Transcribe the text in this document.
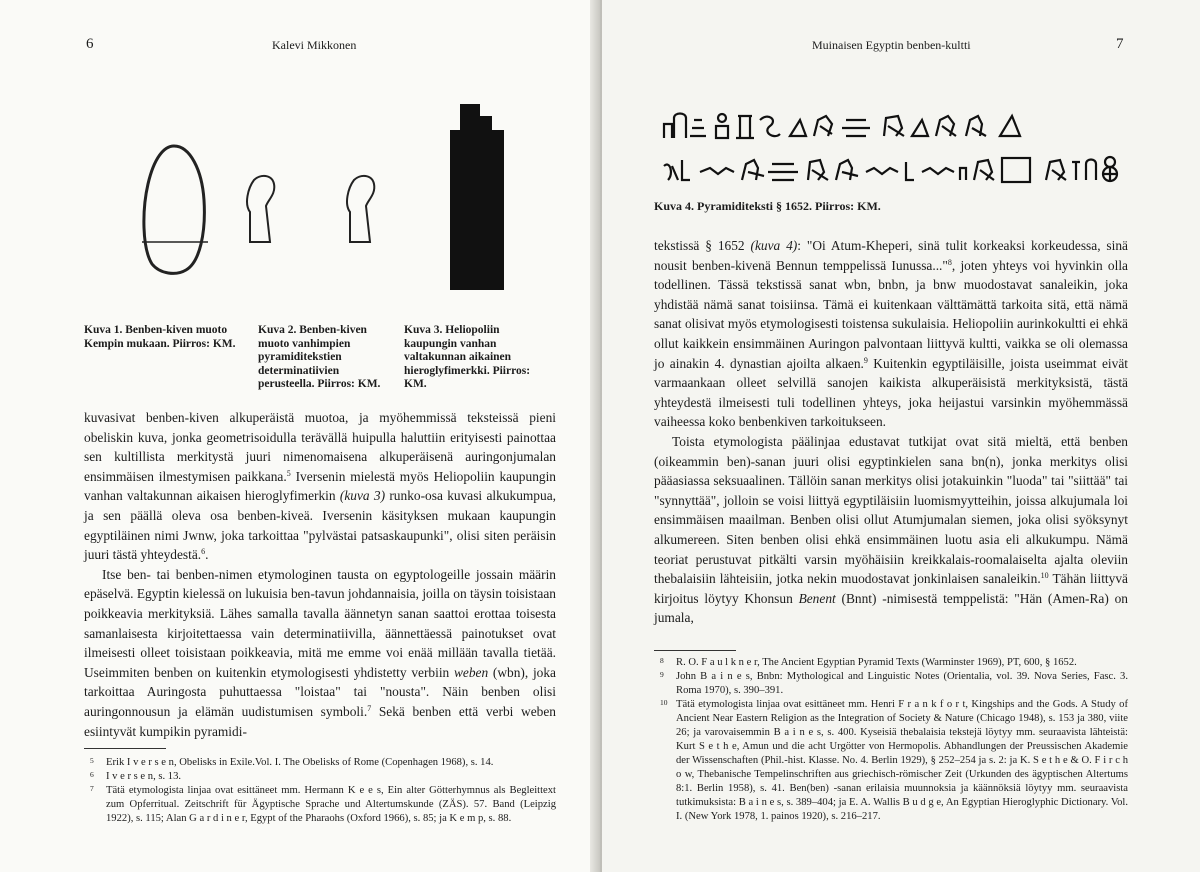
6	Kalevi Mikkonen
Kuva 1. Benben-kiven muoto Kempin mukaan. Piirros: KM.
Kuva 2. Benben-kiven muoto vanhimpien pyramiditekstien determinatiivien perusteella. Piirros: KM.
Kuva 3. Heliopoliin kaupungin vanhan valtakunnan aikainen hieroglyfimerkki. Piirros: KM.

kuvasivat benben-kiven alkuperäistä muotoa, ja myöhemmissä teksteissä pieni obeliskin kuva, jonka geometrisoidulla terävällä huipulla haluttiin erityisesti painottaa sen kultillista merkitystä juuri nimenomaisena alkuperäisenä auringonjumalan ensimmäisen ilmestymisen paikkana.$^5$ Iversenin mielestä myös Heliopoliin kaupungin vanhan valtakunnan aikaisen hieroglyfimerkin (kuva 3) runko-osa kuvasi alkukumpua, ja sen päällä oleva osa benben-kiveä. Iversenin käsityksen mukaan kaupungin egyptiläinen nimi Jwnw, joka tarkoittaa "pylvästai patsaskaupunki", olisi siten peräisin juuri tästä yhteydestä.$^6$.

Itse ben- tai benben-nimen etymologinen tausta on egyptologeille jossain määrin epäselvä. Egyptin kielessä on lukuisia ben-tavun johdannaisia, joilla on täysin toisistaan poikkeavia merkityksiä. Lähes samalla tavalla äännetyn sanan saattoi erottaa toisesta samanlaisesta kirjoitettaessa vain determinatiivilla, äännettäessä painotukset ovat ilmeisesti olleet toisistaan poikkeavia, mitä me emme voi enää millään tavalla tietää. Useimmiten benben on kuitenkin etymologisesti yhdistetty verbiin weben (wbn), joka tarkoittaa Auringosta puhuttaessa "loistaa" tai "nousta". Näin benben olisi auringonnousun ja elämän uudistumisen symboli.$^7$ Sekä benben että verbi weben esiintyvät kumpikin pyramidi-

5 Erik I v e r s e n, Obelisks in Exile.Vol. I. The Obelisks of Rome (Copenhagen 1968), s. 14.

6 I v e r s e n, s. 13.

7 Tätä etymologista linjaa ovat esittäneet mm. Hermann K e e s, Ein alter Götterhymnus als Begleittext zum Opferritual. Zeitschrift für Ägyptische Sprache und Altertumskunde (ZÄS). 57. Band (Leipzig 1922), s. 115; Alan G a r d i n e r, Egypt of the Pharaohs (Oxford 1966), s. 85; ja K e m p, s. 88.

Muinaisen Egyptin benben-kultti	7
Kuva 4. Pyramiditeksti § 1652. Piirros: KM.

tekstissä § 1652 (kuva 4): "Oi Atum-Kheperi, sinä tulit korkeaksi korkeudessa, sinä nousit benben-kivenä Bennun temppelissä Iunussa..."$^8$, joten yhteys voi hyvinkin olla todellinen. Tässä tekstissä sanat wbn, bnbn, ja bnw muodostavat sanaleikin, joka yhdistää nämä sanat toisiinsa. Tämä ei kuitenkaan välttämättä tarkoita sitä, että nämä sanat olisivat myös etymologisesti toistensa sukulaisia. Heliopoliin aurinkokultti ei ehkä ollut kaikkein ensimmäinen Auringon palvontaan liittyvä kultti, vaikka se oli olemassa jo ainakin 4. dynastian ajoilta alkaen.$^9$ Kuitenkin egyptiläisille, joista useimmat eivät varmaankaan olleet selvillä sanojen kaikista alkuperäisistä merkityksistä, tästä yhteydestä ilmeisesti tuli todellinen yhteys, joka heijastui varsinkin myöhemmässä vaiheessa koko benbenkiven tarkoitukseen.

Toista etymologista päälinjaa edustavat tutkijat ovat sitä mieltä, että benben (oikeammin ben)-sanan juuri olisi egyptinkielen sana bn(n), jonka merkitys olisi pääasiassa seksuaalinen. Tällöin sanan merkitys olisi jotakuinkin "luoda" tai "siittää" tai "synnyttää", jolloin se voisi liittyä egyptiläisiin luomismyytteihin, joissa alkujumala loi ensimmäisen maailman. Benben olisi ollut Atumjumalan siemen, joka olisi syöksynyt alkumereen. Siten benben olisi ehkä ensimmäinen luotu asia eli alkukumpu. Nämä teoriat perustuvat pitkälti varsin myöhäisiin kreikkalais-roomalaiselta ajalta oleviin thebalaisiin lähteisiin, jotka nekin muodostavat jonkinlaisen sanaleikin.$^{10}$ Tähän liittyvä kirjoitus löytyy Khonsun Benent (Bnnt) -nimisestä temppelistä: "Hän (Amen-Ra) on jumala,

8 R. O. F a u l k n e r, The Ancient Egyptian Pyramid Texts (Warminster 1969), PT, 600, § 1652.

9 John B a i n e s, Bnbn: Mythological and Linguistic Notes (Orientalia, vol. 39. Nova Series, Fasc. 3. Roma 1970), s. 390–391.

10 Tätä etymologista linjaa ovat esittäneet mm. Henri F r a n k f o r t, Kingships and the Gods. A Study of Ancient Near Eastern Religion as the Integration of Society & Nature (Chicago 1948), s. 153 ja 380, viite 26; ja varovaisemmin B a i n e s, s. 400. Kyseisiä thebalaisia tekstejä löytyy mm. seuraavista lähteistä: Kurt S e t h e, Amun und die acht Urgötter von Hermopolis. Abhandlungen der Preussischen Akademie der Wissenschaften (Phil.-hist. Klasse. No. 4. Berlin 1929), § 252–254 ja s. 2: ja K. S e t h e & O. F i r c h o w, Thebanische Tempelinschriften aus griechisch-römischer Zeit (Urkunden des ägyptischen Altertums 8:1. Berlin 1958), s. 41. Ben(ben) -sanan erilaisia muunnoksia ja käännöksiä löytyy mm. seuraavista tutkimuksista: B a i n e s, s. 389–404; ja E. A. Wallis B u d g e, An Egyptian Hieroglyphic Dictionary. Vol. I. (New York 1978, 1. painos 1920), s. 216–217.
